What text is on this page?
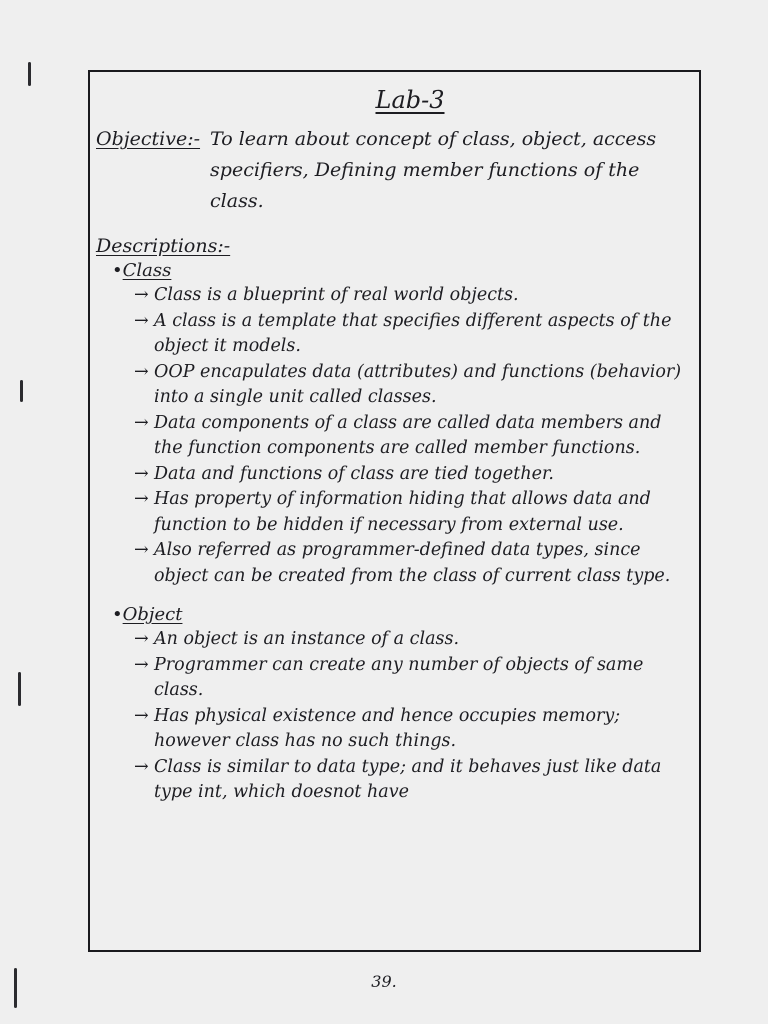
Lab-3
Objective:- To learn about concept of class, object, access specifiers, Defining member functions of the class.
Descriptions:-
•Class
→ Class is a blueprint of real world objects.
→ A class is a template that specifies different aspects of the object it models.
→ OOP encapulates data (attributes) and functions (behavior) into a single unit called classes.
→ Data components of a class are called data members and the function components are called member functions.
→ Data and functions of class are tied together.
→ Has property of information hiding that allows data and function to be hidden if necessary from external use.
→ Also referred as programmer-defined data types, since object can be created from the class of current class type.
•Object
→ An object is an instance of a class.
→ Programmer can create any number of objects of same class.
→ Has physical existence and hence occupies memory; however class has no such things.
→ Class is similar to data type; and it behaves just like data type int, which doesnot have
39.
